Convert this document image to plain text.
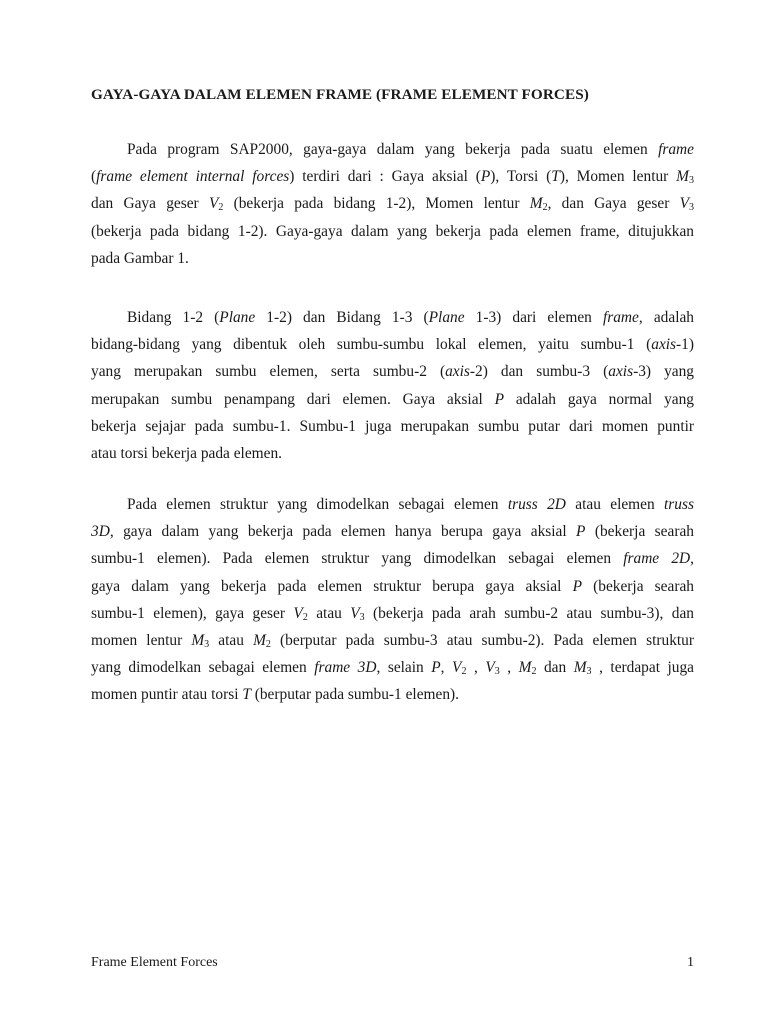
GAYA-GAYA DALAM ELEMEN FRAME (FRAME ELEMENT FORCES)
Pada program SAP2000, gaya-gaya dalam yang bekerja pada suatu elemen frame
(frame element internal forces) terdiri dari : Gaya aksial (P), Torsi (T), Momen lentur $M_3$
dan Gaya geser $V_2$ (bekerja pada bidang 1-2), Momen lentur $M_2$, dan Gaya geser $V_3$
(bekerja pada bidang 1-2). Gaya-gaya dalam yang bekerja pada elemen frame, ditujukkan
pada Gambar 1.
Bidang 1-2 (Plane 1-2) dan Bidang 1-3 (Plane 1-3) dari elemen frame, adalah
bidang-bidang yang dibentuk oleh sumbu-sumbu lokal elemen, yaitu sumbu-1 (axis-1)
yang merupakan sumbu elemen, serta sumbu-2 (axis-2) dan sumbu-3 (axis-3) yang
merupakan sumbu penampang dari elemen. Gaya aksial P adalah gaya normal yang
bekerja sejajar pada sumbu-1. Sumbu-1 juga merupakan sumbu putar dari momen puntir
atau torsi bekerja pada elemen.
Pada elemen struktur yang dimodelkan sebagai elemen truss 2D atau elemen truss
3D, gaya dalam yang bekerja pada elemen hanya berupa gaya aksial P (bekerja searah
sumbu-1 elemen). Pada elemen struktur yang dimodelkan sebagai elemen frame 2D,
gaya dalam yang bekerja pada elemen struktur berupa gaya aksial P (bekerja searah
sumbu-1 elemen), gaya geser $V_2$ atau $V_3$ (bekerja pada arah sumbu-2 atau sumbu-3), dan
momen lentur $M_3$ atau $M_2$ (berputar pada sumbu-3 atau sumbu-2). Pada elemen struktur
yang dimodelkan sebagai elemen frame 3D, selain P, $V_2$ , $V_3$ , $M_2$ dan $M_3$ , terdapat juga
momen puntir atau torsi T (berputar pada sumbu-1 elemen).
Frame Element Forces	1
